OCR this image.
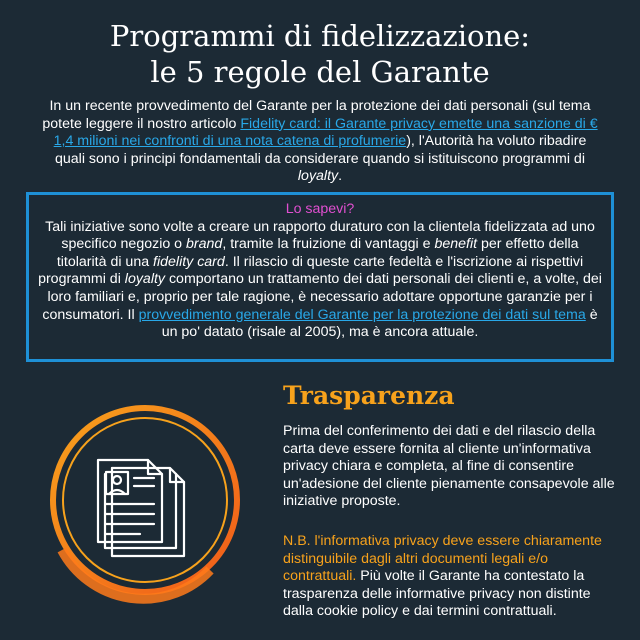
Programmi di fidelizzazione:
le 5 regole del Garante

In un recente provvedimento del Garante per la protezione dei dati personali (sul tema potete leggere il nostro articolo Fidelity card: il Garante privacy emette una sanzione di € 1,4 milioni nei confronti di una nota catena di profumerie), l'Autorità ha voluto ribadire quali sono i principi fondamentali da considerare quando si istituiscono programmi di loyalty.

Lo sapevi?
Tali iniziative sono volte a creare un rapporto duraturo con la clientela fidelizzata ad uno specifico negozio o brand, tramite la fruizione di vantaggi e benefit per effetto della titolarità di una fidelity card. Il rilascio di queste carte fedeltà e l'iscrizione ai rispettivi programmi di loyalty comportano un trattamento dei dati personali dei clienti e, a volte, dei loro familiari e, proprio per tale ragione, è necessario adottare opportune garanzie per i consumatori. Il provvedimento generale del Garante per la protezione dei dati sul tema è un po' datato (risale al 2005), ma è ancora attuale.
Trasparenza

Prima del conferimento dei dati e del rilascio della carta deve essere fornita al cliente un'informativa privacy chiara e completa, al fine di consentire un'adesione del cliente pienamente consapevole alle iniziative proposte.

N.B. l'informativa privacy deve essere chiaramente distinguibile dagli altri documenti legali e/o contrattuali. Più volte il Garante ha contestato la trasparenza delle informative privacy non distinte dalla cookie policy e dai termini contrattuali.
